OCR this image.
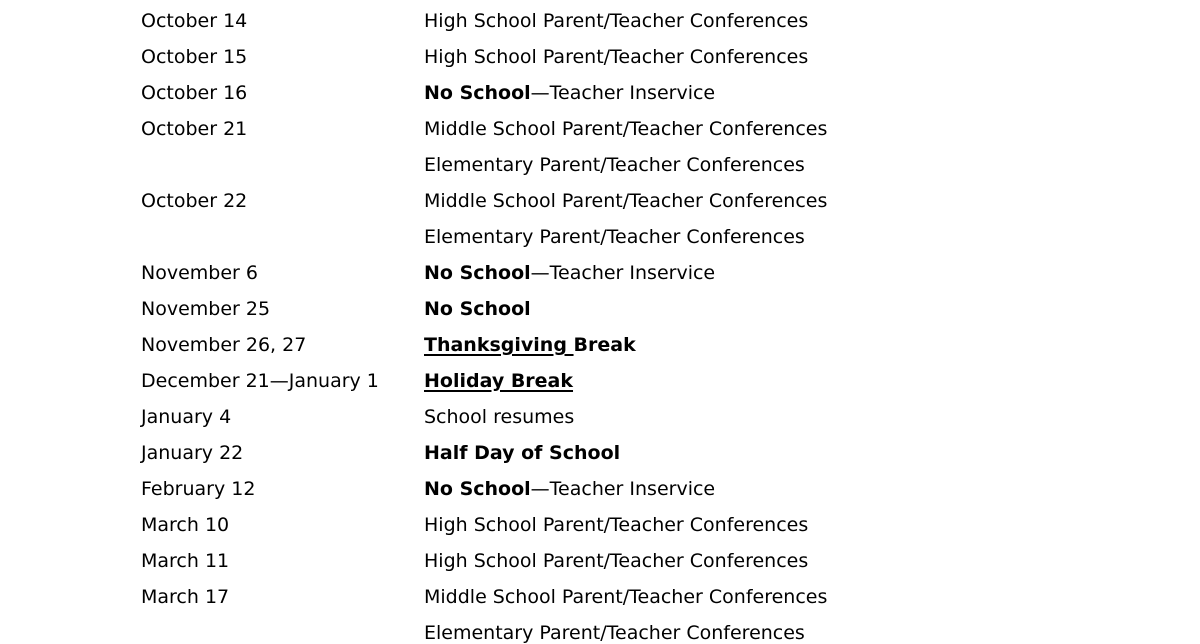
October 14	High School Parent/Teacher Conferences
October 15	High School Parent/Teacher Conferences
October 16	No School—Teacher Inservice
October 21	Middle School Parent/Teacher Conferences
Elementary Parent/Teacher Conferences
October 22	Middle School Parent/Teacher Conferences
Elementary Parent/Teacher Conferences
November 6	No School—Teacher Inservice
November 25	No School
November 26, 27	Thanksgiving Break
December 21—January 1 Holiday Break
January 4	School resumes
January 22	Half Day of School
February 12	No School—Teacher Inservice
March 10	High School Parent/Teacher Conferences
March 11	High School Parent/Teacher Conferences
March 17	Middle School Parent/Teacher Conferences
Elementary Parent/Teacher Conferences
